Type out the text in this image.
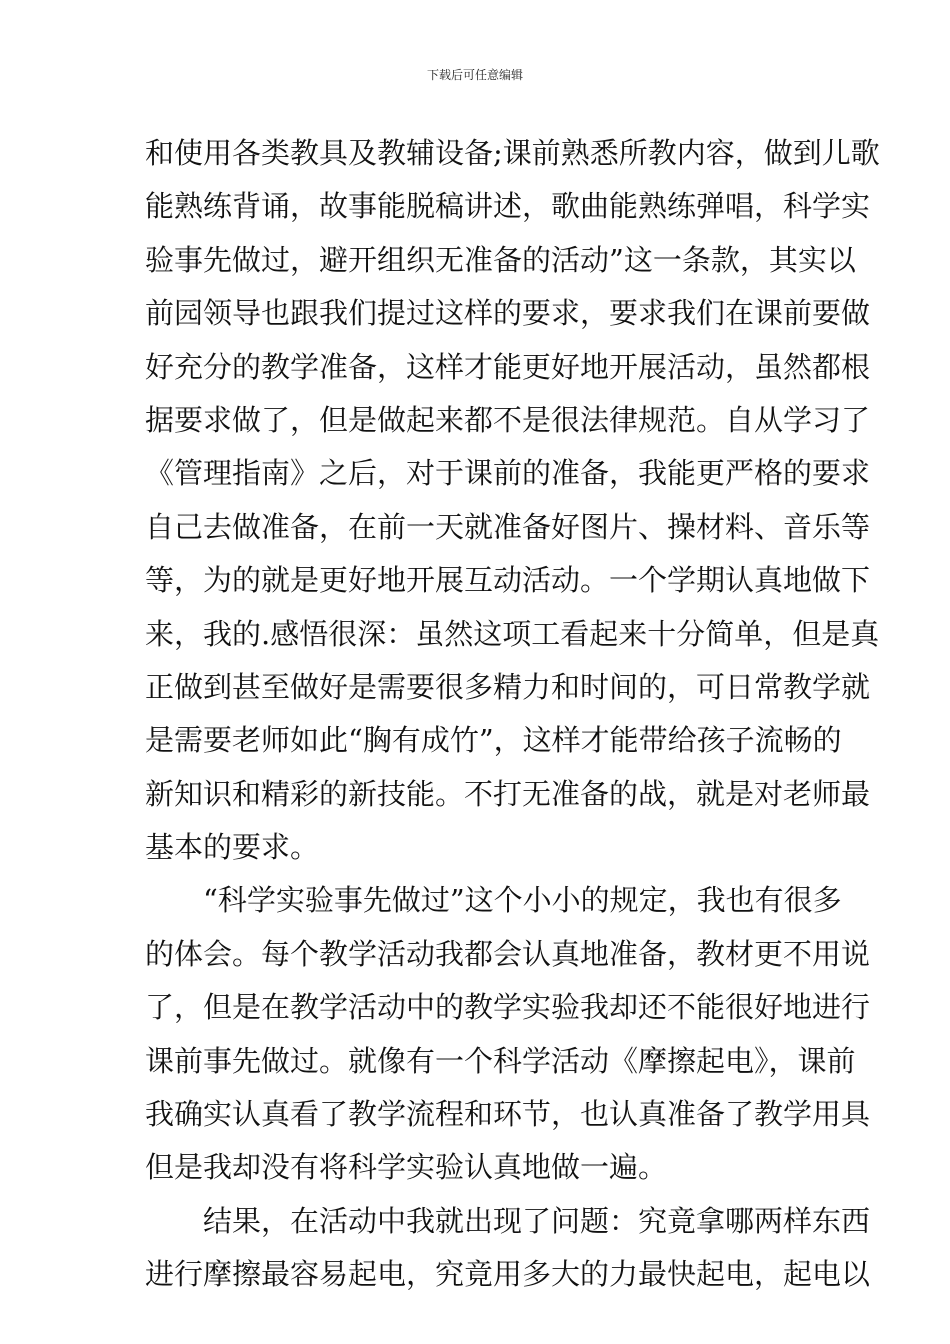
下载后可任意编辑
和使用各类教具及教辅设备;课前熟悉所教内容，做到儿歌
能熟练背诵，故事能脱稿讲述，歌曲能熟练弹唱，科学实
验事先做过，避开组织无准备的活动”这一条款，其实以
前园领导也跟我们提过这样的要求，要求我们在课前要做
好充分的教学准备，这样才能更好地开展活动，虽然都根
据要求做了，但是做起来都不是很法律规范。自从学习了
《管理指南》之后，对于课前的准备，我能更严格的要求
自己去做准备，在前一天就准备好图片、操材料、音乐等
等，为的就是更好地开展互动活动。一个学期认真地做下
来，我的.感悟很深：虽然这项工看起来十分简单，但是真
正做到甚至做好是需要很多精力和时间的，可日常教学就
是需要老师如此“胸有成竹”，这样才能带给孩子流畅的
新知识和精彩的新技能。不打无准备的战，就是对老师最
基本的要求。
“科学实验事先做过”这个小小的规定，我也有很多
的体会。每个教学活动我都会认真地准备，教材更不用说
了，但是在教学活动中的教学实验我却还不能很好地进行
课前事先做过。就像有一个科学活动《摩擦起电》，课前
我确实认真看了教学流程和环节，也认真准备了教学用具
但是我却没有将科学实验认真地做一遍。
结果，在活动中我就出现了问题：究竟拿哪两样东西
进行摩擦最容易起电，究竟用多大的力最快起电，起电以
